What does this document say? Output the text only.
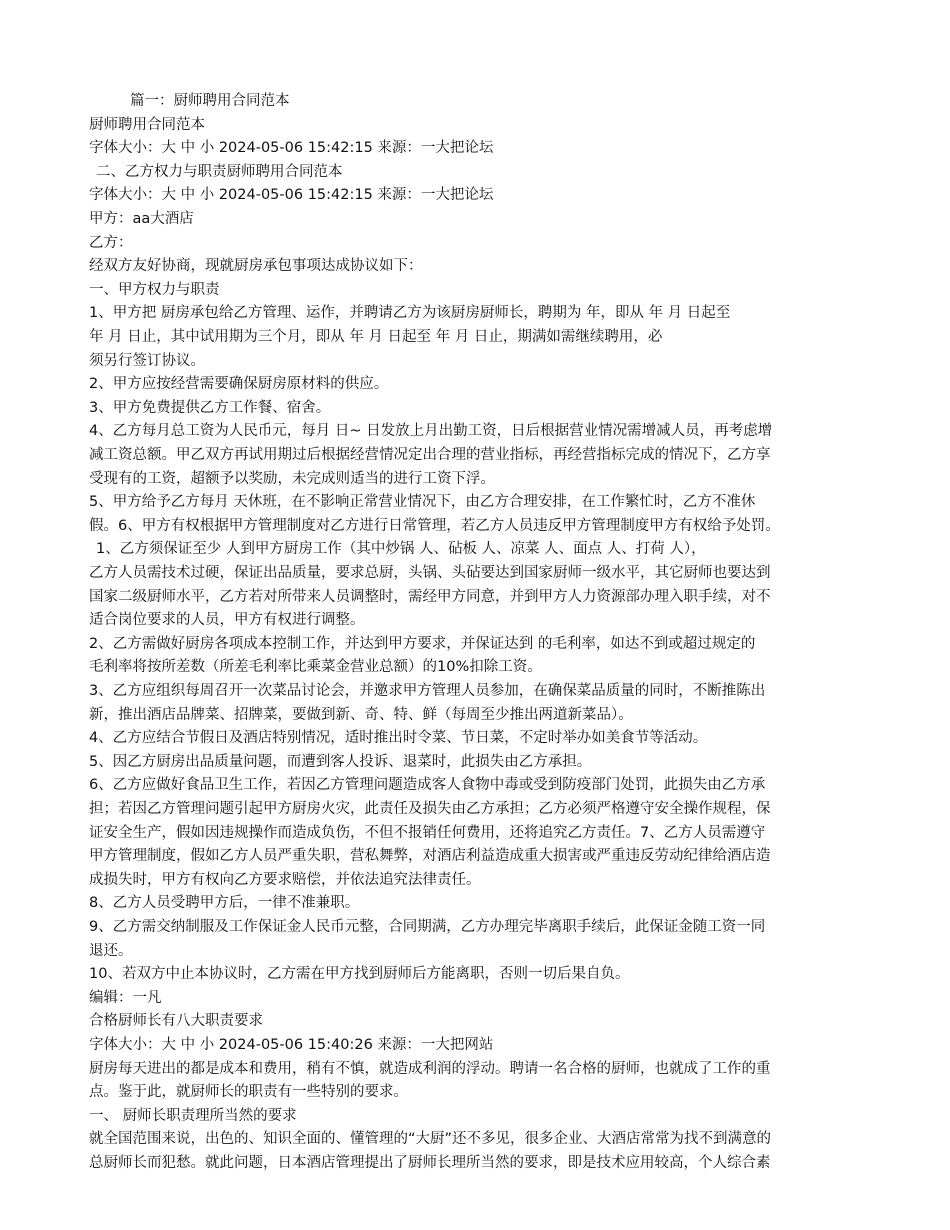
篇一：厨师聘用合同范本
厨师聘用合同范本
字体大小：大 中 小 2024-05-06 15:42:15 来源：一大把论坛
二、乙方权力与职责厨师聘用合同范本
字体大小：大 中 小 2024-05-06 15:42:15 来源：一大把论坛
甲方：aa大酒店
乙方：
经双方友好协商，现就厨房承包事项达成协议如下：
一、甲方权力与职责
1、甲方把 厨房承包给乙方管理、运作，并聘请乙方为该厨房厨师长，聘期为 年，即从 年 月 日起至
年 月 日止，其中试用期为三个月，即从 年 月 日起至 年 月 日止，期满如需继续聘用，必
须另行签订协议。
2、甲方应按经营需要确保厨房原材料的供应。
3、甲方免费提供乙方工作餐、宿舍。
4、乙方每月总工资为人民币元，每月 日~ 日发放上月出勤工资，日后根据营业情况需增减人员，再考虑增
减工资总额。甲乙双方再试用期过后根据经营情况定出合理的营业指标，再经营指标完成的情况下，乙方享
受现有的工资，超额予以奖励，未完成则适当的进行工资下浮。
5、甲方给予乙方每月 天休班，在不影响正常营业情况下，由乙方合理安排，在工作繁忙时，乙方不准休
假。6、甲方有权根据甲方管理制度对乙方进行日常管理，若乙方人员违反甲方管理制度甲方有权给予处罚。
1、乙方须保证至少 人到甲方厨房工作（其中炒锅 人、砧板 人、凉菜 人、面点 人、打荷 人），
乙方人员需技术过硬，保证出品质量，要求总厨，头锅、头砧要达到国家厨师一级水平，其它厨师也要达到
国家二级厨师水平，乙方若对所带来人员调整时，需经甲方同意，并到甲方人力资源部办理入职手续，对不
适合岗位要求的人员，甲方有权进行调整。
2、乙方需做好厨房各项成本控制工作，并达到甲方要求，并保证达到 的毛利率，如达不到或超过规定的
毛利率将按所差数（所差毛利率比乘菜金营业总额）的10%扣除工资。
3、乙方应组织每周召开一次菜品讨论会，并邀求甲方管理人员参加，在确保菜品质量的同时，不断推陈出
新，推出酒店品牌菜、招牌菜，要做到新、奇、特、鲜（每周至少推出两道新菜品）。
4、乙方应结合节假日及酒店特别情况，适时推出时令菜、节日菜，不定时举办如美食节等活动。
5、因乙方厨房出品质量问题，而遭到客人投诉、退菜时，此损失由乙方承担。
6、乙方应做好食品卫生工作，若因乙方管理问题造成客人食物中毒或受到防疫部门处罚，此损失由乙方承
担；若因乙方管理问题引起甲方厨房火灾，此责任及损失由乙方承担；乙方必须严格遵守安全操作规程，保
证安全生产，假如因违规操作而造成负伤，不但不报销任何费用，还将追究乙方责任。7、乙方人员需遵守
甲方管理制度，假如乙方人员严重失职，营私舞弊，对酒店利益造成重大损害或严重违反劳动纪律给酒店造
成损失时，甲方有权向乙方要求赔偿，并依法追究法律责任。
8、乙方人员受聘甲方后，一律不准兼职。
9、乙方需交纳制服及工作保证金人民币元整，合同期满，乙方办理完毕离职手续后，此保证金随工资一同
退还。
10、若双方中止本协议时，乙方需在甲方找到厨师后方能离职，否则一切后果自负。
编辑：一凡
合格厨师长有八大职责要求
字体大小：大 中 小 2024-05-06 15:40:26 来源：一大把网站
厨房每天进出的都是成本和费用，稍有不慎，就造成利润的浮动。聘请一名合格的厨师，也就成了工作的重
点。鉴于此，就厨师长的职责有一些特别的要求。
一、 厨师长职责理所当然的要求
就全国范围来说，出色的、知识全面的、懂管理的“大厨”还不多见，很多企业、大酒店常常为找不到满意的
总厨师长而犯愁。就此问题，日本酒店管理提出了厨师长理所当然的要求，即是技术应用较高，个人综合素
